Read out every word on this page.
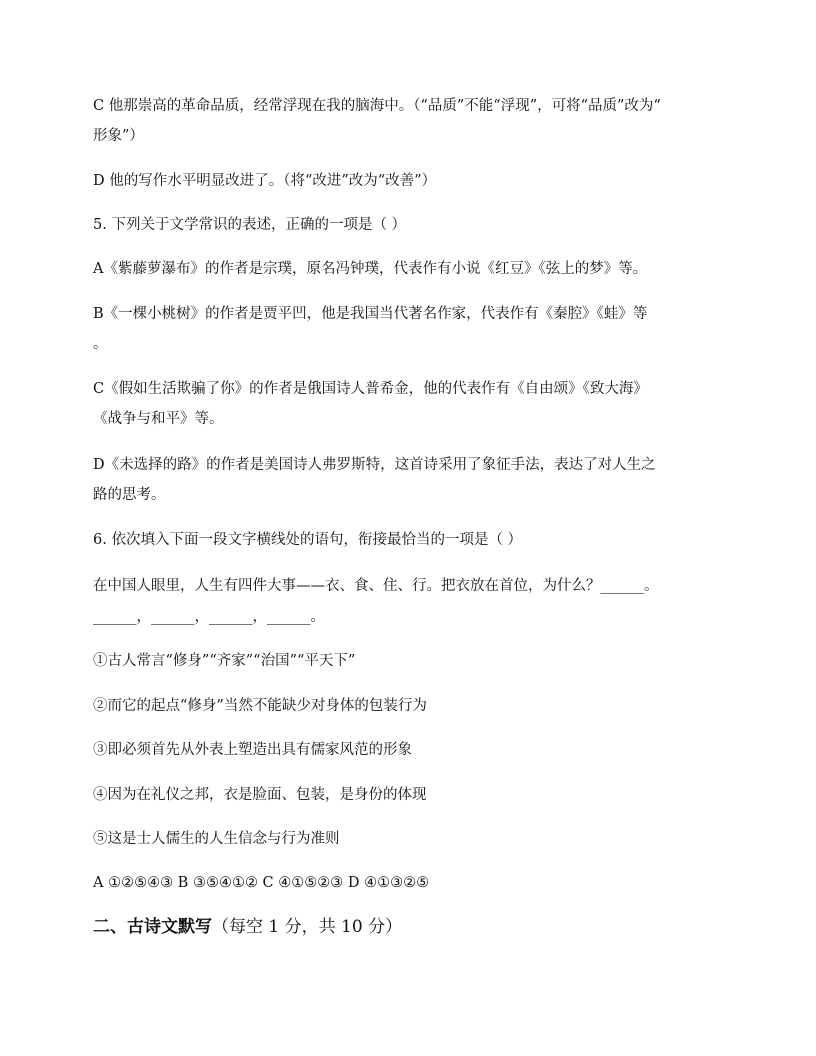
C 他那崇高的革命品质，经常浮现在我的脑海中。（“品质”不能“浮现”，可将“品质”改为“
形象”）
D 他的写作水平明显改进了。（将“改进”改为“改善”）
5. 下列关于文学常识的表述，正确的一项是（ ）
A《紫藤萝瀑布》的作者是宗璞，原名冯钟璞，代表作有小说《红豆》《弦上的梦》等。
B《一棵小桃树》的作者是贾平凹，他是我国当代著名作家，代表作有《秦腔》《蛙》等
。
C《假如生活欺骗了你》的作者是俄国诗人普希金，他的代表作有《自由颂》《致大海》
《战争与和平》等。
D《未选择的路》的作者是美国诗人弗罗斯特，这首诗采用了象征手法，表达了对人生之
路的思考。
6. 依次填入下面一段文字横线处的语句，衔接最恰当的一项是（ ）
在中国人眼里，人生有四件大事——衣、食、住、行。把衣放在首位，为什么？______。
______，______，______，______。
①古人常言“修身”“齐家”“治国”“平天下”
②而它的起点“修身”当然不能缺少对身体的包装行为
③即必须首先从外表上塑造出具有儒家风范的形象
④因为在礼仪之邦，衣是脸面、包装，是身份的体现
⑤这是士人儒生的人生信念与行为准则
A ①②⑤④③ B ③⑤④①② C ④①⑤②③ D ④①③②⑤
二、古诗文默写（每空 1 分，共 10 分）
